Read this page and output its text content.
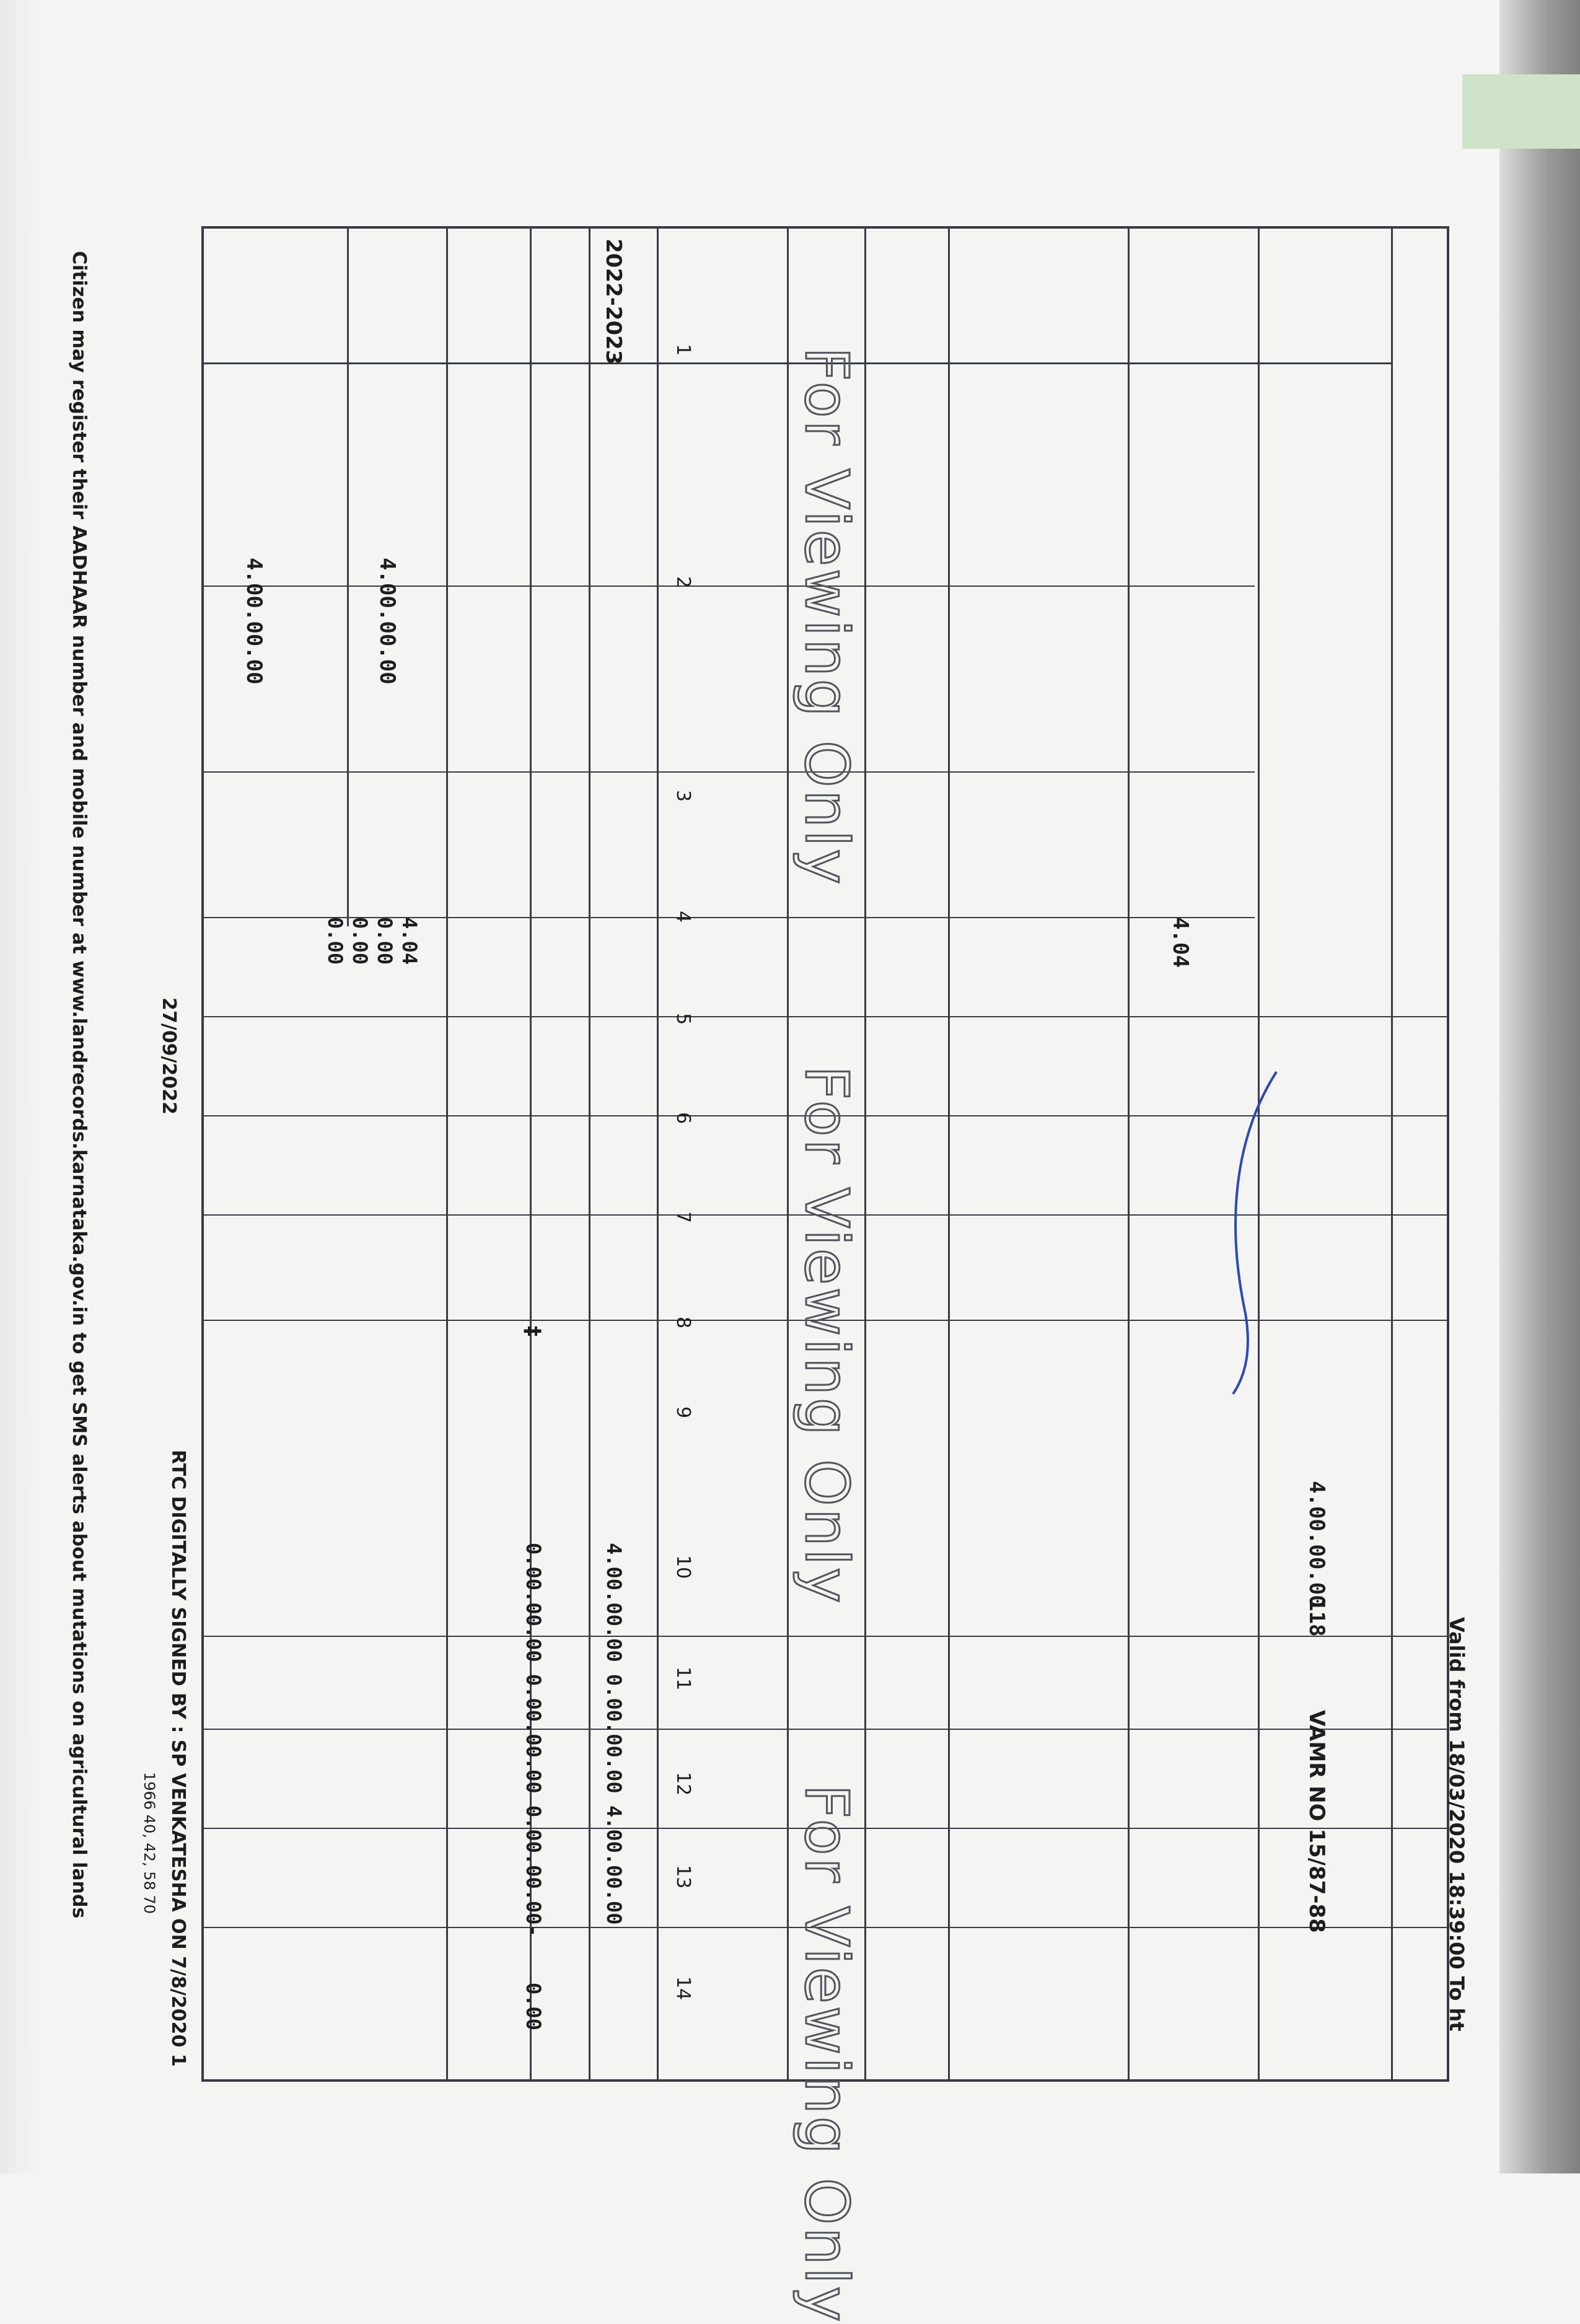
Valid from 18/03/2020 18:39:00 To ht
4.00.00.00
4.00.00.00
4.04
0.00
0.00
0.00	4.04
4.00.00.00
118
VAMR NO 15/87-88
1
2
3
4
5
6
7
8
9
10
11
12
13
14
2022-2023
‡
4.00.00.00 0.00.00.00 4.00.00.00
0.00.00.00 0.00.00.00 0.00.00.00-
0.00
For Viewing Only
For Viewing Only
For Viewing Only
27/09/2022
RTC DIGITALLY SIGNED BY : SP VENKATESHA ON 7/8/2020 1
1966 40, 42, 58 70
Citizen may register their AADHAAR number and mobile number at www.landrecords.karnataka.gov.in to get SMS alerts about mutations on agricultural lands
